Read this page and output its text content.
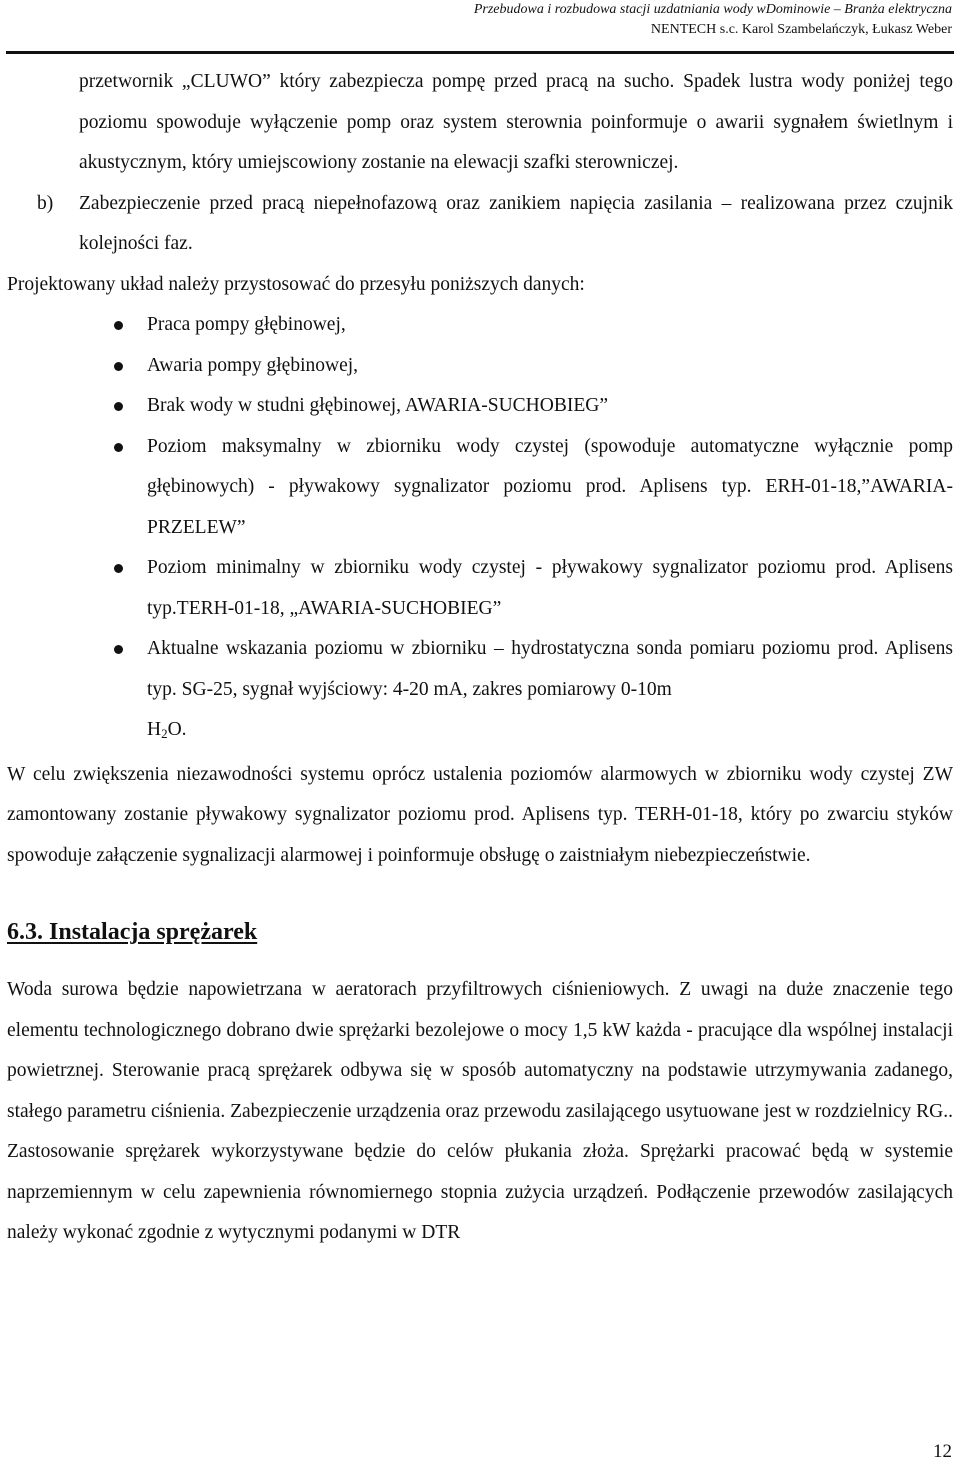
Przebudowa i rozbudowa stacji uzdatniania wody wDominowie – Branża elektryczna
NENTECH s.c. Karol Szambelańczyk, Łukasz Weber

przetwornik „CLUWO” który zabezpiecza pompę przed pracą na sucho. Spadek lustra wody poniżej tego poziomu spowoduje wyłączenie pomp oraz system sterownia poinformuje o awarii sygnałem świetlnym i akustycznym, który umiejscowiony zostanie na elewacji szafki sterowniczej.

b) Zabezpieczenie przed pracą niepełnofazową oraz zanikiem napięcia zasilania – realizowana przez czujnik kolejności faz.

Projektowany układ należy przystosować do przesyłu poniższych danych:

Praca pompy głębinowej,
Awaria pompy głębinowej,
Brak wody w studni głębinowej, AWARIA-SUCHOBIEG”
Poziom maksymalny w zbiorniku wody czystej (spowoduje automatyczne wyłącznie pomp głębinowych) - pływakowy sygnalizator poziomu prod. Aplisens typ. ERH-01-18,”AWARIA-PRZELEW”
Poziom minimalny w zbiorniku wody czystej - pływakowy sygnalizator poziomu prod. Aplisens typ.TERH-01-18, „AWARIA-SUCHOBIEG”
Aktualne wskazania poziomu w zbiorniku – hydrostatyczna sonda pomiaru poziomu prod. Aplisens typ. SG-25, sygnał wyjściowy: 4-20 mA, zakres pomiarowy 0-10m
$H_2O$.

W celu zwiększenia niezawodności systemu oprócz ustalenia poziomów alarmowych w zbiorniku wody czystej ZW zamontowany zostanie pływakowy sygnalizator poziomu prod. Aplisens typ. TERH-01-18, który po zwarciu styków spowoduje załączenie sygnalizacji alarmowej i poinformuje obsługę o zaistniałym niebezpieczeństwie.

6.3. Instalacja sprężarek

Woda surowa będzie napowietrzana w aeratorach przyfiltrowych ciśnieniowych. Z uwagi na duże znaczenie tego elementu technologicznego dobrano dwie sprężarki bezolejowe o mocy 1,5 kW każda - pracujące dla wspólnej instalacji powietrznej. Sterowanie pracą sprężarek odbywa się w sposób automatyczny na podstawie utrzymywania zadanego, stałego parametru ciśnienia. Zabezpieczenie urządzenia oraz przewodu zasilającego usytuowane jest w rozdzielnicy RG.. Zastosowanie sprężarek wykorzystywane będzie do celów płukania złoża. Sprężarki pracować będą w systemie naprzemiennym w celu zapewnienia równomiernego stopnia zużycia urządzeń. Podłączenie przewodów zasilających należy wykonać zgodnie z wytycznymi podanymi w DTR

12
